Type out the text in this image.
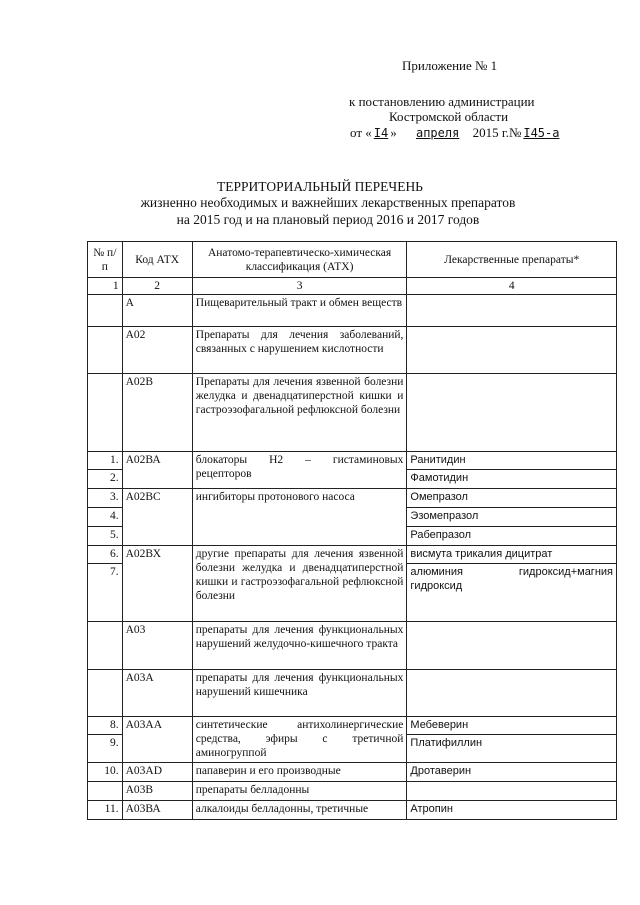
Приложение № 1
к постановлению администрации
Костромской области
от « I4 » апреля 2015 г.№ I45-а
ТЕРРИТОРИАЛЬНЫЙ ПЕРЕЧЕНЬ
жизненно необходимых и важнейших лекарственных препаратов
на 2015 год и на плановый период 2016 и 2017 годов
№ п/п	Код АТХ	Анатомо-терапевтическо-химическая классификация (АТХ)	Лекарственные препараты*
1	2	3	4
	А	Пищеварительный тракт и обмен веществ	
	А02	Препараты для лечения заболеваний, связанных с нарушением кислотности	
	А02В	Препараты для лечения язвенной болезни желудка и двенадцатиперстной кишки и гастроэзофагальной рефлюксной болезни	
1.	А02ВА	блокаторы Н2 – гистаминовых рецепторов	Ранитидин
2.			Фамотидин
3.	А02ВС	ингибиторы протонового насоса	Омепразол
4.			Эзомепразол
5.			Рабепразол
6.	А02ВХ	другие препараты для лечения язвенной болезни желудка и двенадцатиперстной кишки и гастроэзофагальной рефлюксной болезни	висмута трикалия дицитрат
7.			алюминия гидроксид+магния гидроксид
	А03	препараты для лечения функциональных нарушений желудочно-кишечного тракта	
	А03А	препараты для лечения функциональных нарушений кишечника	
8.	А03АА	синтетические антихолинергические средства, эфиры с третичной аминогруппой	Мебеверин
9.			Платифиллин
10.	А03АD	папаверин и его производные	Дротаверин
	А03В	препараты белладонны	
11.	А03ВА	алкалоиды белладонны, третичные	Атропин
